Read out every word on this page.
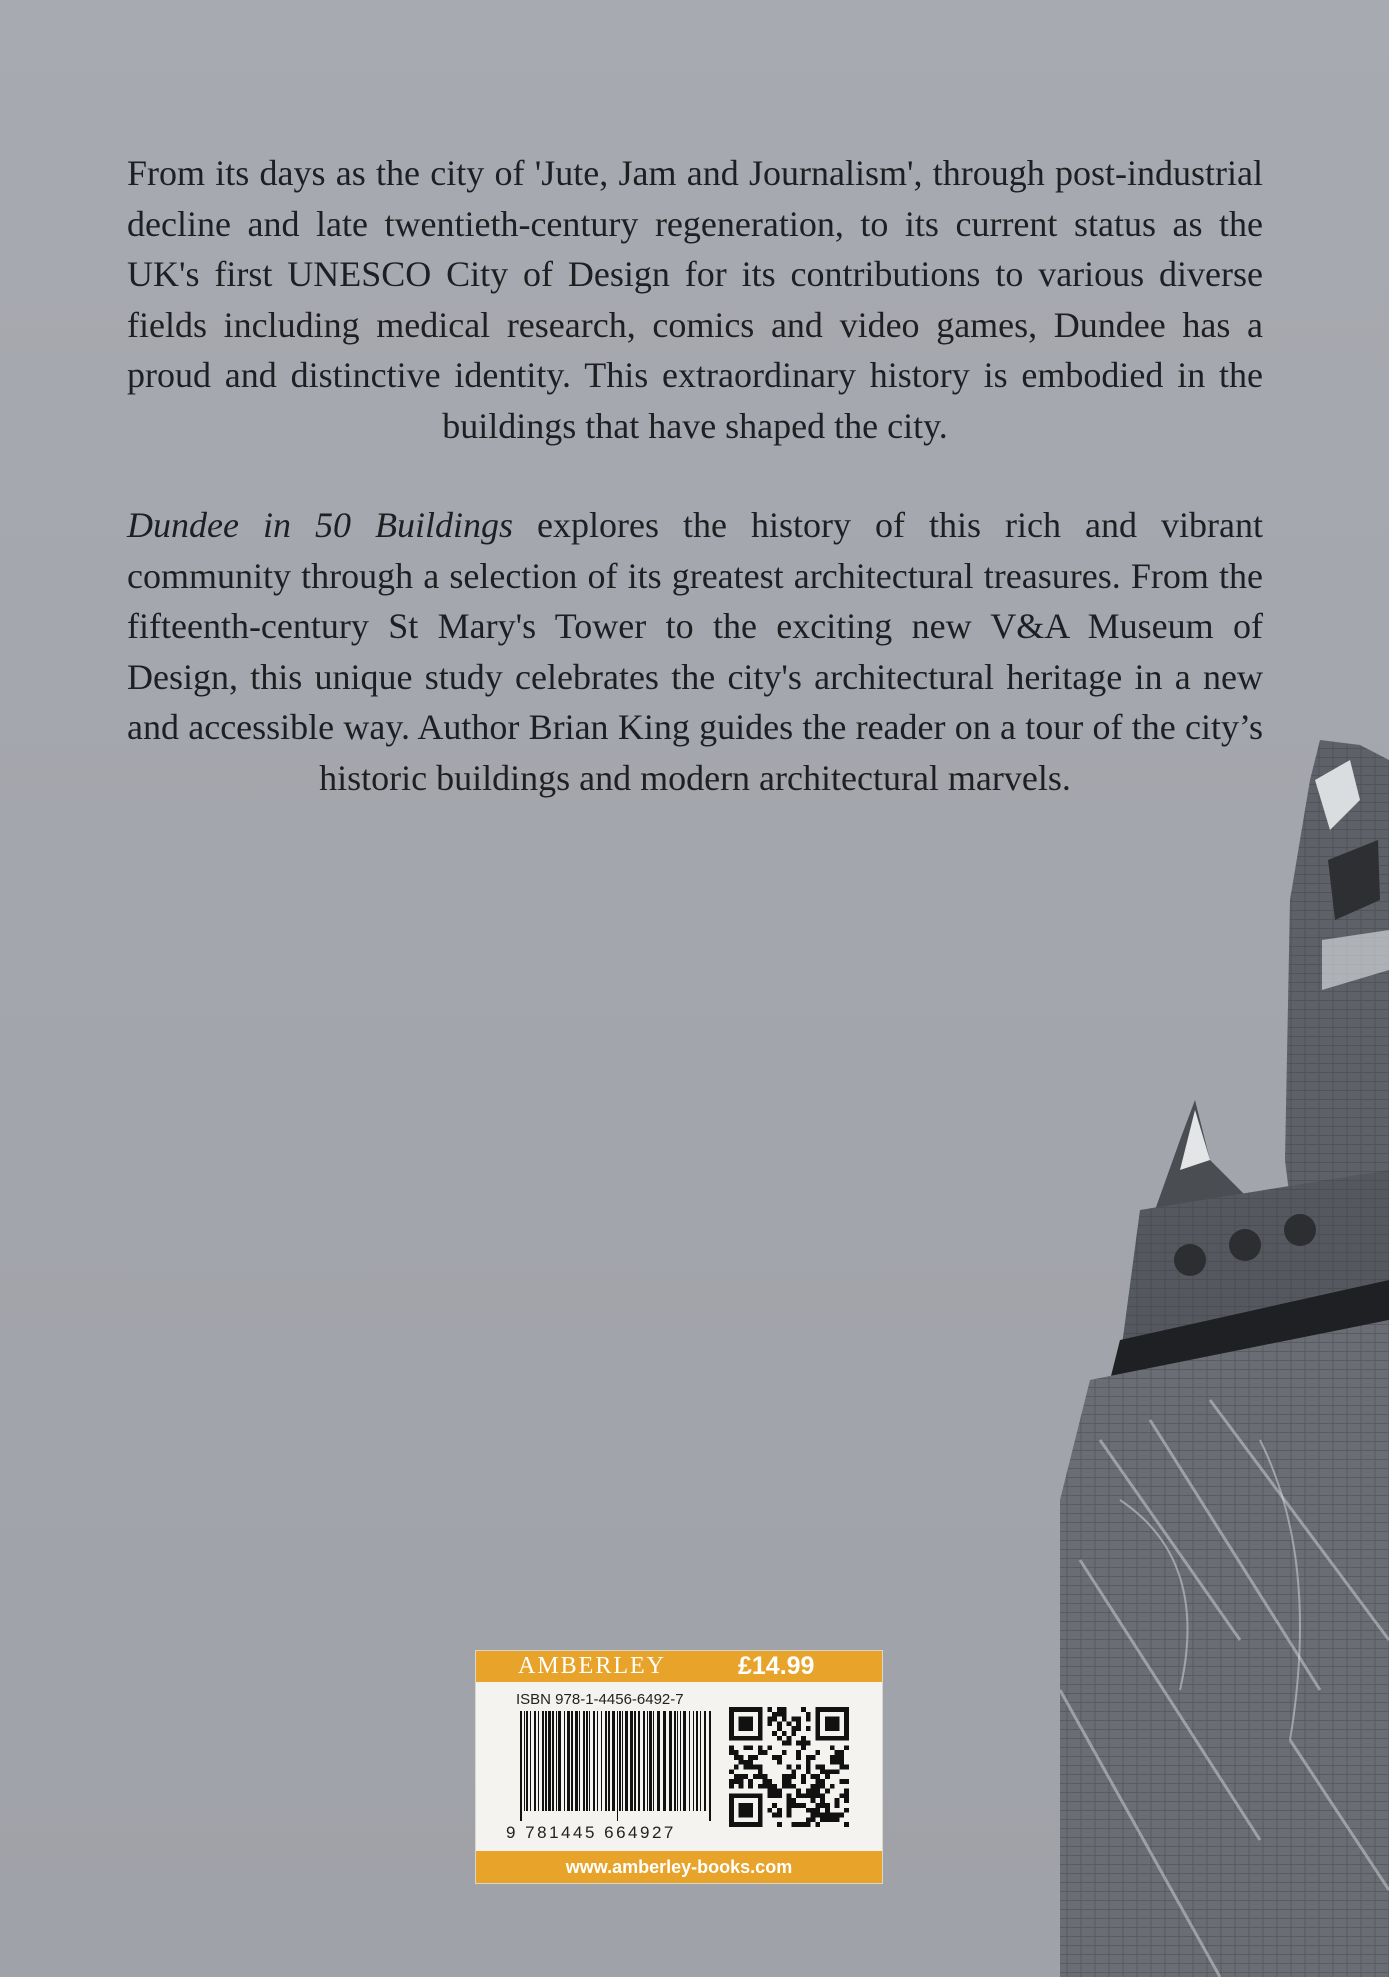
From its days as the city of 'Jute, Jam and Journalism', through post-industrial decline and late twentieth-century regeneration, to its current status as the UK's first UNESCO City of Design for its contributions to various diverse fields including medical research, comics and video games, Dundee has a proud and distinctive identity. This extraordinary history is embodied in the buildings that have shaped the city.

Dundee in 50 Buildings explores the history of this rich and vibrant community through a selection of its greatest architectural treasures. From the fifteenth-century St Mary's Tower to the exciting new V&A Museum of Design, this unique study celebrates the city's architectural heritage in a new and accessible way. Author Brian King guides the reader on a tour of the city’s historic buildings and modern architectural marvels.

AMBERLEY	£14.99
ISBN 978-1-4456-6492-7
9 781445 664927
www.amberley-books.com
